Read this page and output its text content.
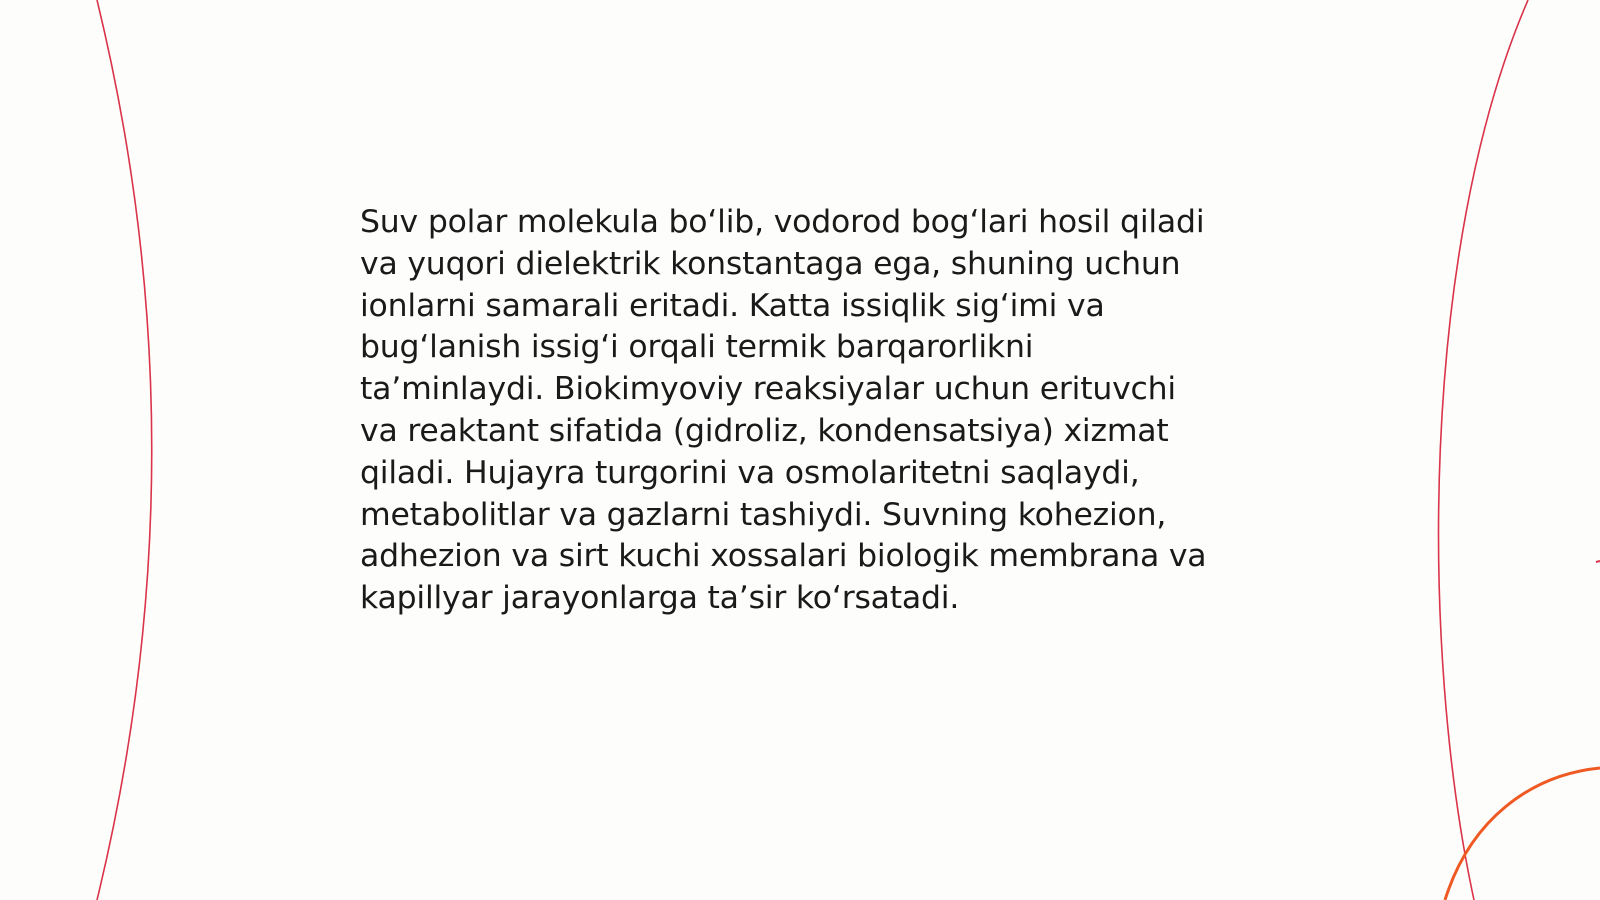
Suv polar molekula bo‘lib, vodorod bog‘lari hosil qiladi
va yuqori dielektrik konstantaga ega, shuning uchun
ionlarni samarali eritadi. Katta issiqlik sig‘imi va
bug‘lanish issig‘i orqali termik barqarorlikni
ta’minlaydi. Biokimyoviy reaksiyalar uchun erituvchi
va reaktant sifatida (gidroliz, kondensatsiya) xizmat
qiladi. Hujayra turgorini va osmolaritetni saqlaydi,
metabolitlar va gazlarni tashiydi. Suvning kohezion,
adhezion va sirt kuchi xossalari biologik membrana va
kapillyar jarayonlarga ta’sir ko‘rsatadi.
